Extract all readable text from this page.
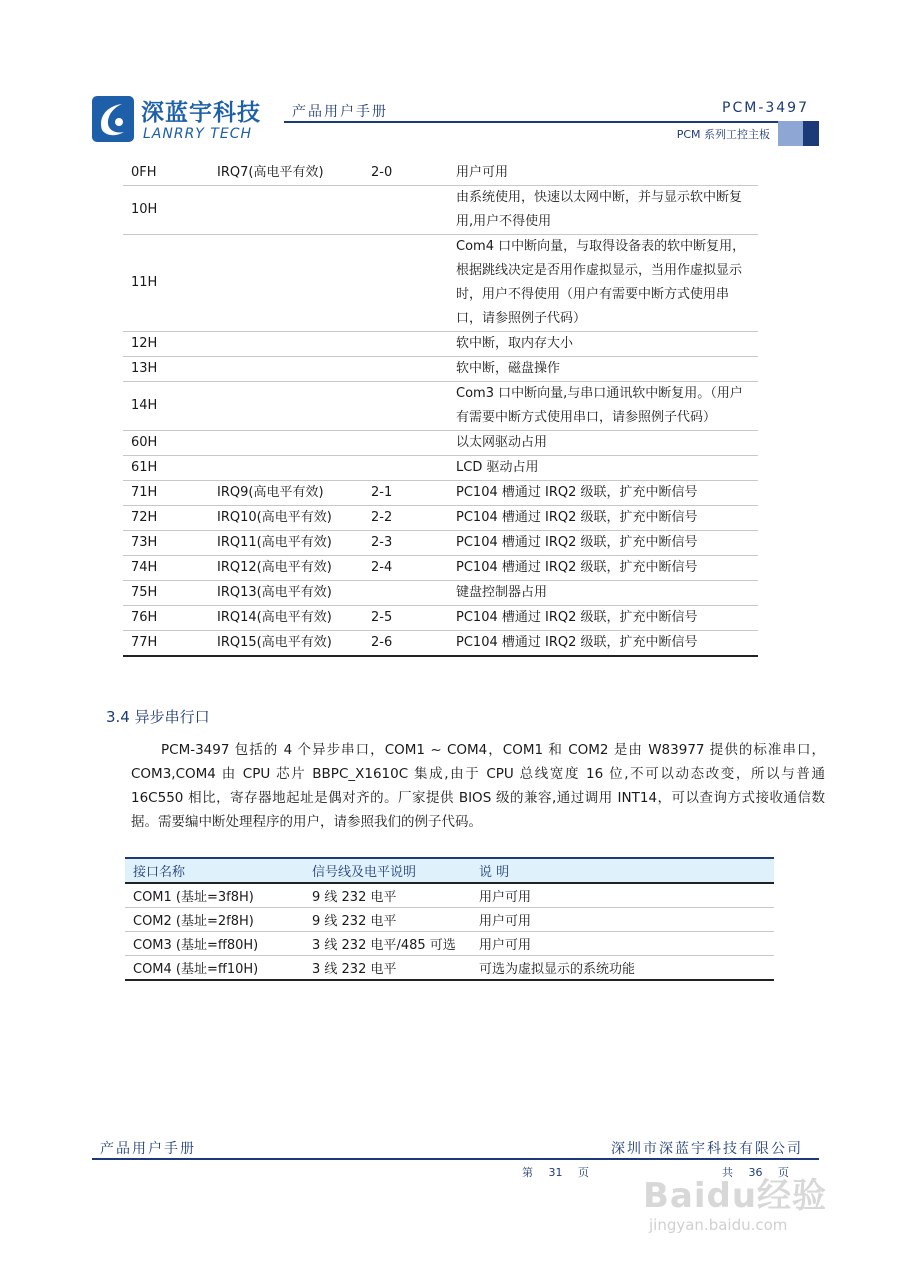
深蓝宇科技
LANRRY TECH
产品用户手册	PCM-3497
PCM 系列工控主板
0FH	IRQ7(高电平有效)	2-0	用户可用
10H			由系统使用，快速以太网中断，并与显示软中断复用,用户不得使用
11H			Com4 口中断向量，与取得设备表的软中断复用，根据跳线决定是否用作虚拟显示，当用作虚拟显示时，用户不得使用（用户有需要中断方式使用串口，请参照例子代码）
12H			软中断，取内存大小
13H			软中断，磁盘操作
14H			Com3 口中断向量,与串口通讯软中断复用。（用户有需要中断方式使用串口，请参照例子代码）
60H			以太网驱动占用
61H			LCD 驱动占用
71H	IRQ9(高电平有效)	2-1	PC104 槽通过 IRQ2 级联，扩充中断信号
72H	IRQ10(高电平有效)	2-2	PC104 槽通过 IRQ2 级联，扩充中断信号
73H	IRQ11(高电平有效)	2-3	PC104 槽通过 IRQ2 级联，扩充中断信号
74H	IRQ12(高电平有效)	2-4	PC104 槽通过 IRQ2 级联，扩充中断信号
75H	IRQ13(高电平有效)		键盘控制器占用
76H	IRQ14(高电平有效)	2-5	PC104 槽通过 IRQ2 级联，扩充中断信号
77H	IRQ15(高电平有效)	2-6	PC104 槽通过 IRQ2 级联，扩充中断信号
3.4 异步串行口
PCM-3497 包括的 4 个异步串口，COM1 ~ COM4，COM1 和 COM2 是由 W83977 提供的标准串口，COM3,COM4 由 CPU 芯片 BBPC_X1610C 集成,由于 CPU 总线宽度 16 位,不可以动态改变，所以与普通 16C550 相比，寄存器地起址是偶对齐的。厂家提供 BIOS 级的兼容,通过调用 INT14，可以查询方式接收通信数据。需要编中断处理程序的用户，请参照我们的例子代码。
接口名称	信号线及电平说明	说 明
COM1 (基址=3f8H)	9 线 232 电平	用户可用
COM2 (基址=2f8H)	9 线 232 电平	用户可用
COM3 (基址=ff80H)	3 线 232 电平/485 可选	用户可用
COM4 (基址=ff10H)	3 线 232 电平	可选为虚拟显示的系统功能
产品用户手册	深圳市深蓝宇科技有限公司
第 31 页	共 36 页
Baidu经验
jingyan.baidu.com
